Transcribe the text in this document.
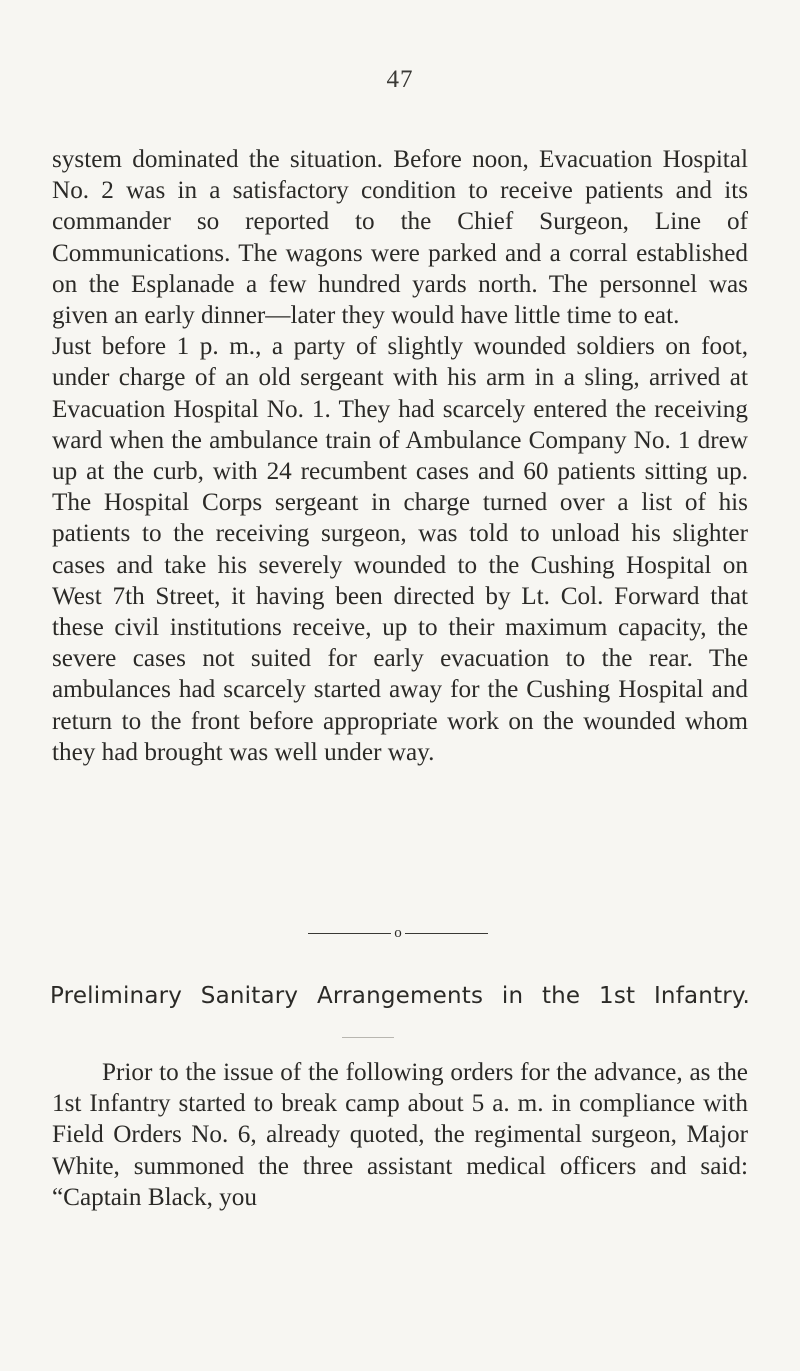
47

system dominated the situation. Before noon, Evacuation Hospital No. 2 was in a satisfactory condition to receive patients and its commander so reported to the Chief Surgeon, Line of Communications. The wagons were parked and a corral established on the Esplanade a few hundred yards north. The personnel was given an early dinner—later they would have little time to eat.

Just before 1 p. m., a party of slightly wounded soldiers on foot, under charge of an old sergeant with his arm in a sling, arrived at Evacuation Hospital No. 1. They had scarcely entered the receiving ward when the ambulance train of Ambulance Company No. 1 drew up at the curb, with 24 recumbent cases and 60 patients sitting up. The Hospital Corps sergeant in charge turned over a list of his patients to the receiving surgeon, was told to unload his slighter cases and take his severely wounded to the Cushing Hospital on West 7th Street, it having been directed by Lt. Col. Forward that these civil institutions receive, up to their maximum capacity, the severe cases not suited for early evacuation to the rear. The ambulances had scarcely started away for the Cushing Hospital and return to the front before appropriate work on the wounded whom they had brought was well under way.

o
Preliminary Sanitary Arrangements in the 1st Infantry.

Prior to the issue of the following orders for the advance, as the 1st Infantry started to break camp about 5 a. m. in compliance with Field Orders No. 6, already quoted, the regimental surgeon, Major White, summoned the three assistant medical officers and said: “Captain Black, you
